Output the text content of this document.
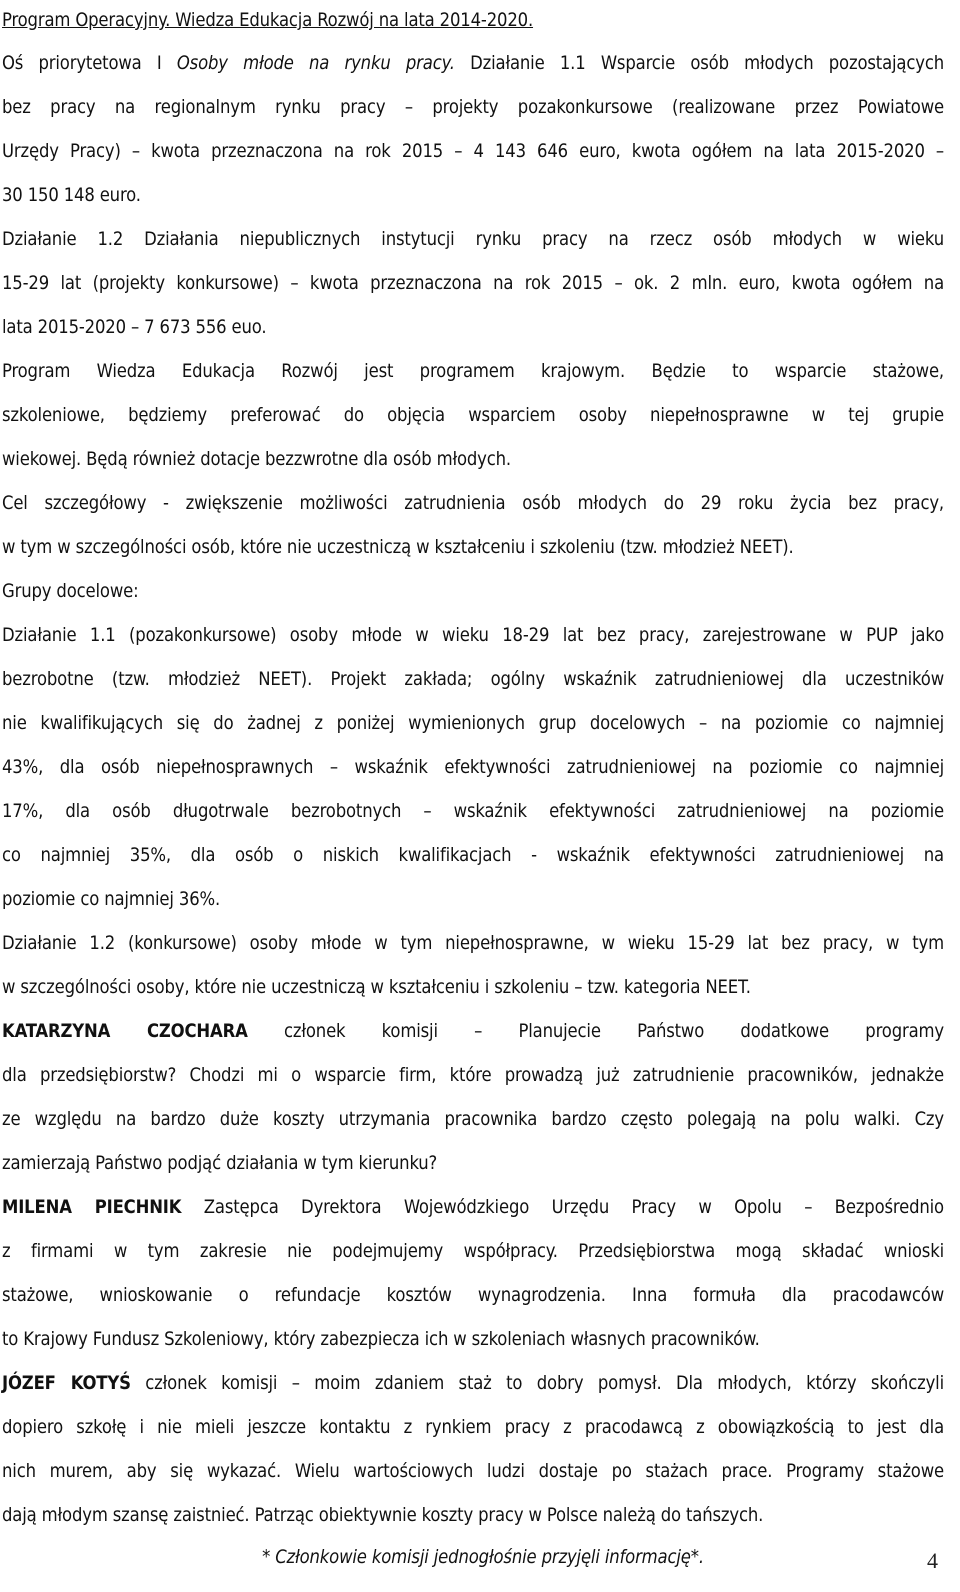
Program Operacyjny. Wiedza Edukacja Rozwój na lata 2014-2020.

Oś priorytetowa I Osoby młode na rynku pracy. Działanie 1.1 Wsparcie osób młodych pozostających

bez pracy na regionalnym rynku pracy – projekty pozakonkursowe (realizowane przez Powiatowe

Urzędy Pracy) – kwota przeznaczona na rok 2015 – 4 143 646 euro, kwota ogółem na lata 2015-2020 –

30 150 148 euro.

Działanie 1.2 Działania niepublicznych instytucji rynku pracy na rzecz osób młodych w wieku

15-29 lat (projekty konkursowe) – kwota przeznaczona na rok 2015 – ok. 2 mln. euro, kwota ogółem na

lata 2015-2020 – 7 673 556 euo.

Program Wiedza Edukacja Rozwój jest programem krajowym. Będzie to wsparcie stażowe,

szkoleniowe, będziemy preferować do objęcia wsparciem osoby niepełnosprawne w tej grupie

wiekowej. Będą również dotacje bezzwrotne dla osób młodych.

Cel szczegółowy - zwiększenie możliwości zatrudnienia osób młodych do 29 roku życia bez pracy,

w tym w szczególności osób, które nie uczestniczą w kształceniu i szkoleniu (tzw. młodzież NEET).

Grupy docelowe:

Działanie 1.1 (pozakonkursowe) osoby młode w wieku 18-29 lat bez pracy, zarejestrowane w PUP jako

bezrobotne (tzw. młodzież NEET). Projekt zakłada; ogólny wskaźnik zatrudnieniowej dla uczestników

nie kwalifikujących się do żadnej z poniżej wymienionych grup docelowych – na poziomie co najmniej

43%, dla osób niepełnosprawnych – wskaźnik efektywności zatrudnieniowej na poziomie co najmniej

17%, dla osób długotrwale bezrobotnych – wskaźnik efektywności zatrudnieniowej na poziomie

co najmniej 35%, dla osób o niskich kwalifikacjach - wskaźnik efektywności zatrudnieniowej na

poziomie co najmniej 36%.

Działanie 1.2 (konkursowe) osoby młode w tym niepełnosprawne, w wieku 15-29 lat bez pracy, w tym

w szczególności osoby, które nie uczestniczą w kształceniu i szkoleniu – tzw. kategoria NEET.

KATARZYNA CZOCHARA członek komisji – Planujecie Państwo dodatkowe programy

dla przedsiębiorstw? Chodzi mi o wsparcie firm, które prowadzą już zatrudnienie pracowników, jednakże

ze względu na bardzo duże koszty utrzymania pracownika bardzo często polegają na polu walki. Czy

zamierzają Państwo podjąć działania w tym kierunku?

MILENA PIECHNIK Zastępca Dyrektora Wojewódzkiego Urzędu Pracy w Opolu – Bezpośrednio

z firmami w tym zakresie nie podejmujemy współpracy. Przedsiębiorstwa mogą składać wnioski

stażowe, wnioskowanie o refundacje kosztów wynagrodzenia. Inna formuła dla pracodawców

to Krajowy Fundusz Szkoleniowy, który zabezpiecza ich w szkoleniach własnych pracowników.

JÓZEF KOTYŚ członek komisji – moim zdaniem staż to dobry pomysł. Dla młodych, którzy skończyli

dopiero szkołę i nie mieli jeszcze kontaktu z rynkiem pracy z pracodawcą z obowiązkością to jest dla

nich murem, aby się wykazać. Wielu wartościowych ludzi dostaje po stażach prace. Programy stażowe

dają młodym szansę zaistnieć. Patrząc obiektywnie koszty pracy w Polsce należą do tańszych.

* Członkowie komisji jednogłośnie przyjęli informację*.	4
